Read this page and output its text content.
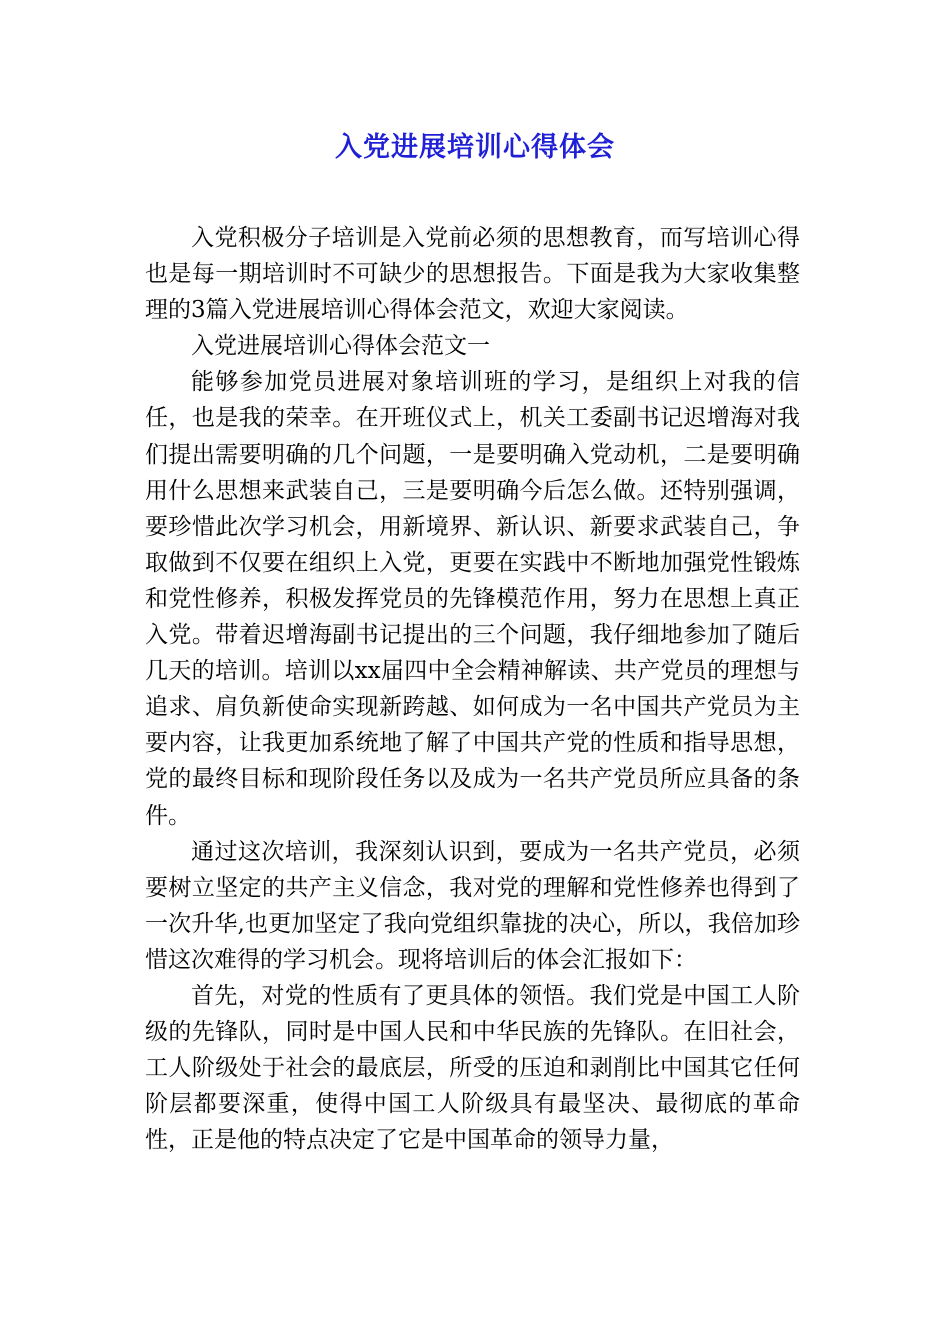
入党进展培训心得体会

入党积极分子培训是入党前必须的思想教育，而写培训心得也是每一期培训时不可缺少的思想报告。下面是我为大家收集整理的3篇入党进展培训心得体会范文，欢迎大家阅读。

入党进展培训心得体会范文一

能够参加党员进展对象培训班的学习，是组织上对我的信任，也是我的荣幸。在开班仪式上，机关工委副书记迟增海对我们提出需要明确的几个问题，一是要明确入党动机，二是要明确用什么思想来武装自己，三是要明确今后怎么做。还特别强调，要珍惜此次学习机会，用新境界、新认识、新要求武装自己，争取做到不仅要在组织上入党，更要在实践中不断地加强党性锻炼和党性修养，积极发挥党员的先锋模范作用，努力在思想上真正入党。带着迟增海副书记提出的三个问题，我仔细地参加了随后几天的培训。培训以xx届四中全会精神解读、共产党员的理想与追求、肩负新使命实现新跨越、如何成为一名中国共产党员为主要内容，让我更加系统地了解了中国共产党的性质和指导思想，党的最终目标和现阶段任务以及成为一名共产党员所应具备的条件。

通过这次培训，我深刻认识到，要成为一名共产党员，必须要树立坚定的共产主义信念，我对党的理解和党性修养也得到了一次升华,也更加坚定了我向党组织靠拢的决心，所以，我倍加珍惜这次难得的学习机会。现将培训后的体会汇报如下：

首先，对党的性质有了更具体的领悟。我们党是中国工人阶级的先锋队，同时是中国人民和中华民族的先锋队。在旧社会，工人阶级处于社会的最底层，所受的压迫和剥削比中国其它任何阶层都要深重，使得中国工人阶级具有最坚决、最彻底的革命性，正是他的特点决定了它是中国革命的领导力量，
